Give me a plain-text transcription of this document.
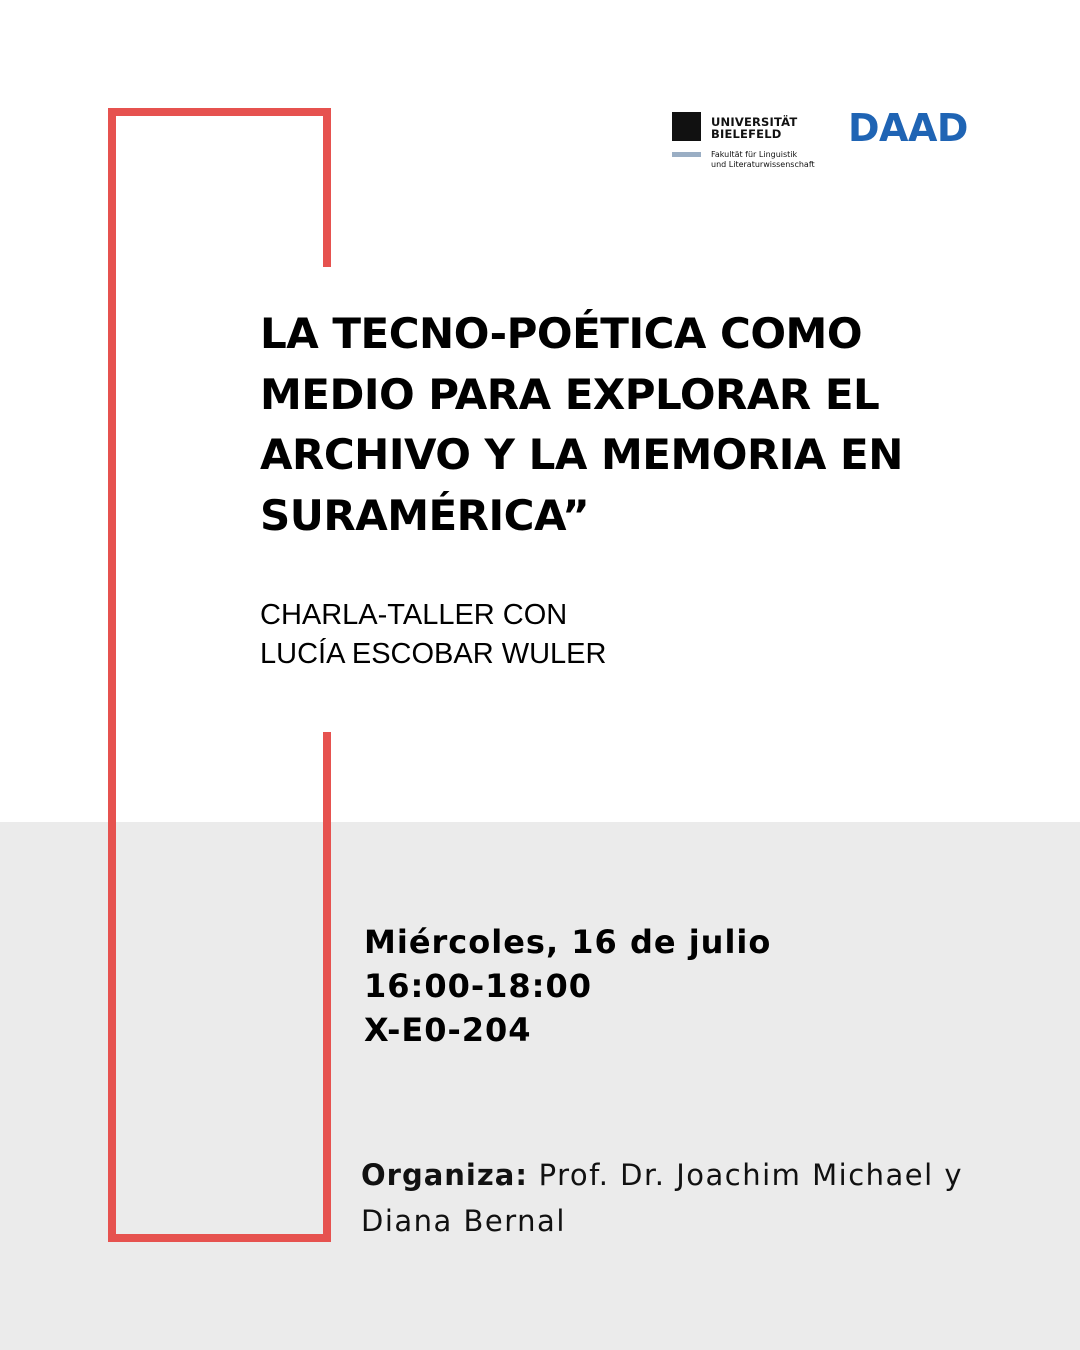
UNIVERSITÄT
BIELEFELD
Fakultät für Linguistik
und Literaturwissenschaft
DAAD
LA TECNO-POÉTICA COMO
MEDIO PARA EXPLORAR EL
ARCHIVO Y LA MEMORIA EN
SURAMÉRICA”
CHARLA-TALLER CON
LUCÍA ESCOBAR WULER
Miércoles, 16 de julio
16:00-18:00
X-E0-204
Organiza: Prof. Dr. Joachim Michael y Diana Bernal
